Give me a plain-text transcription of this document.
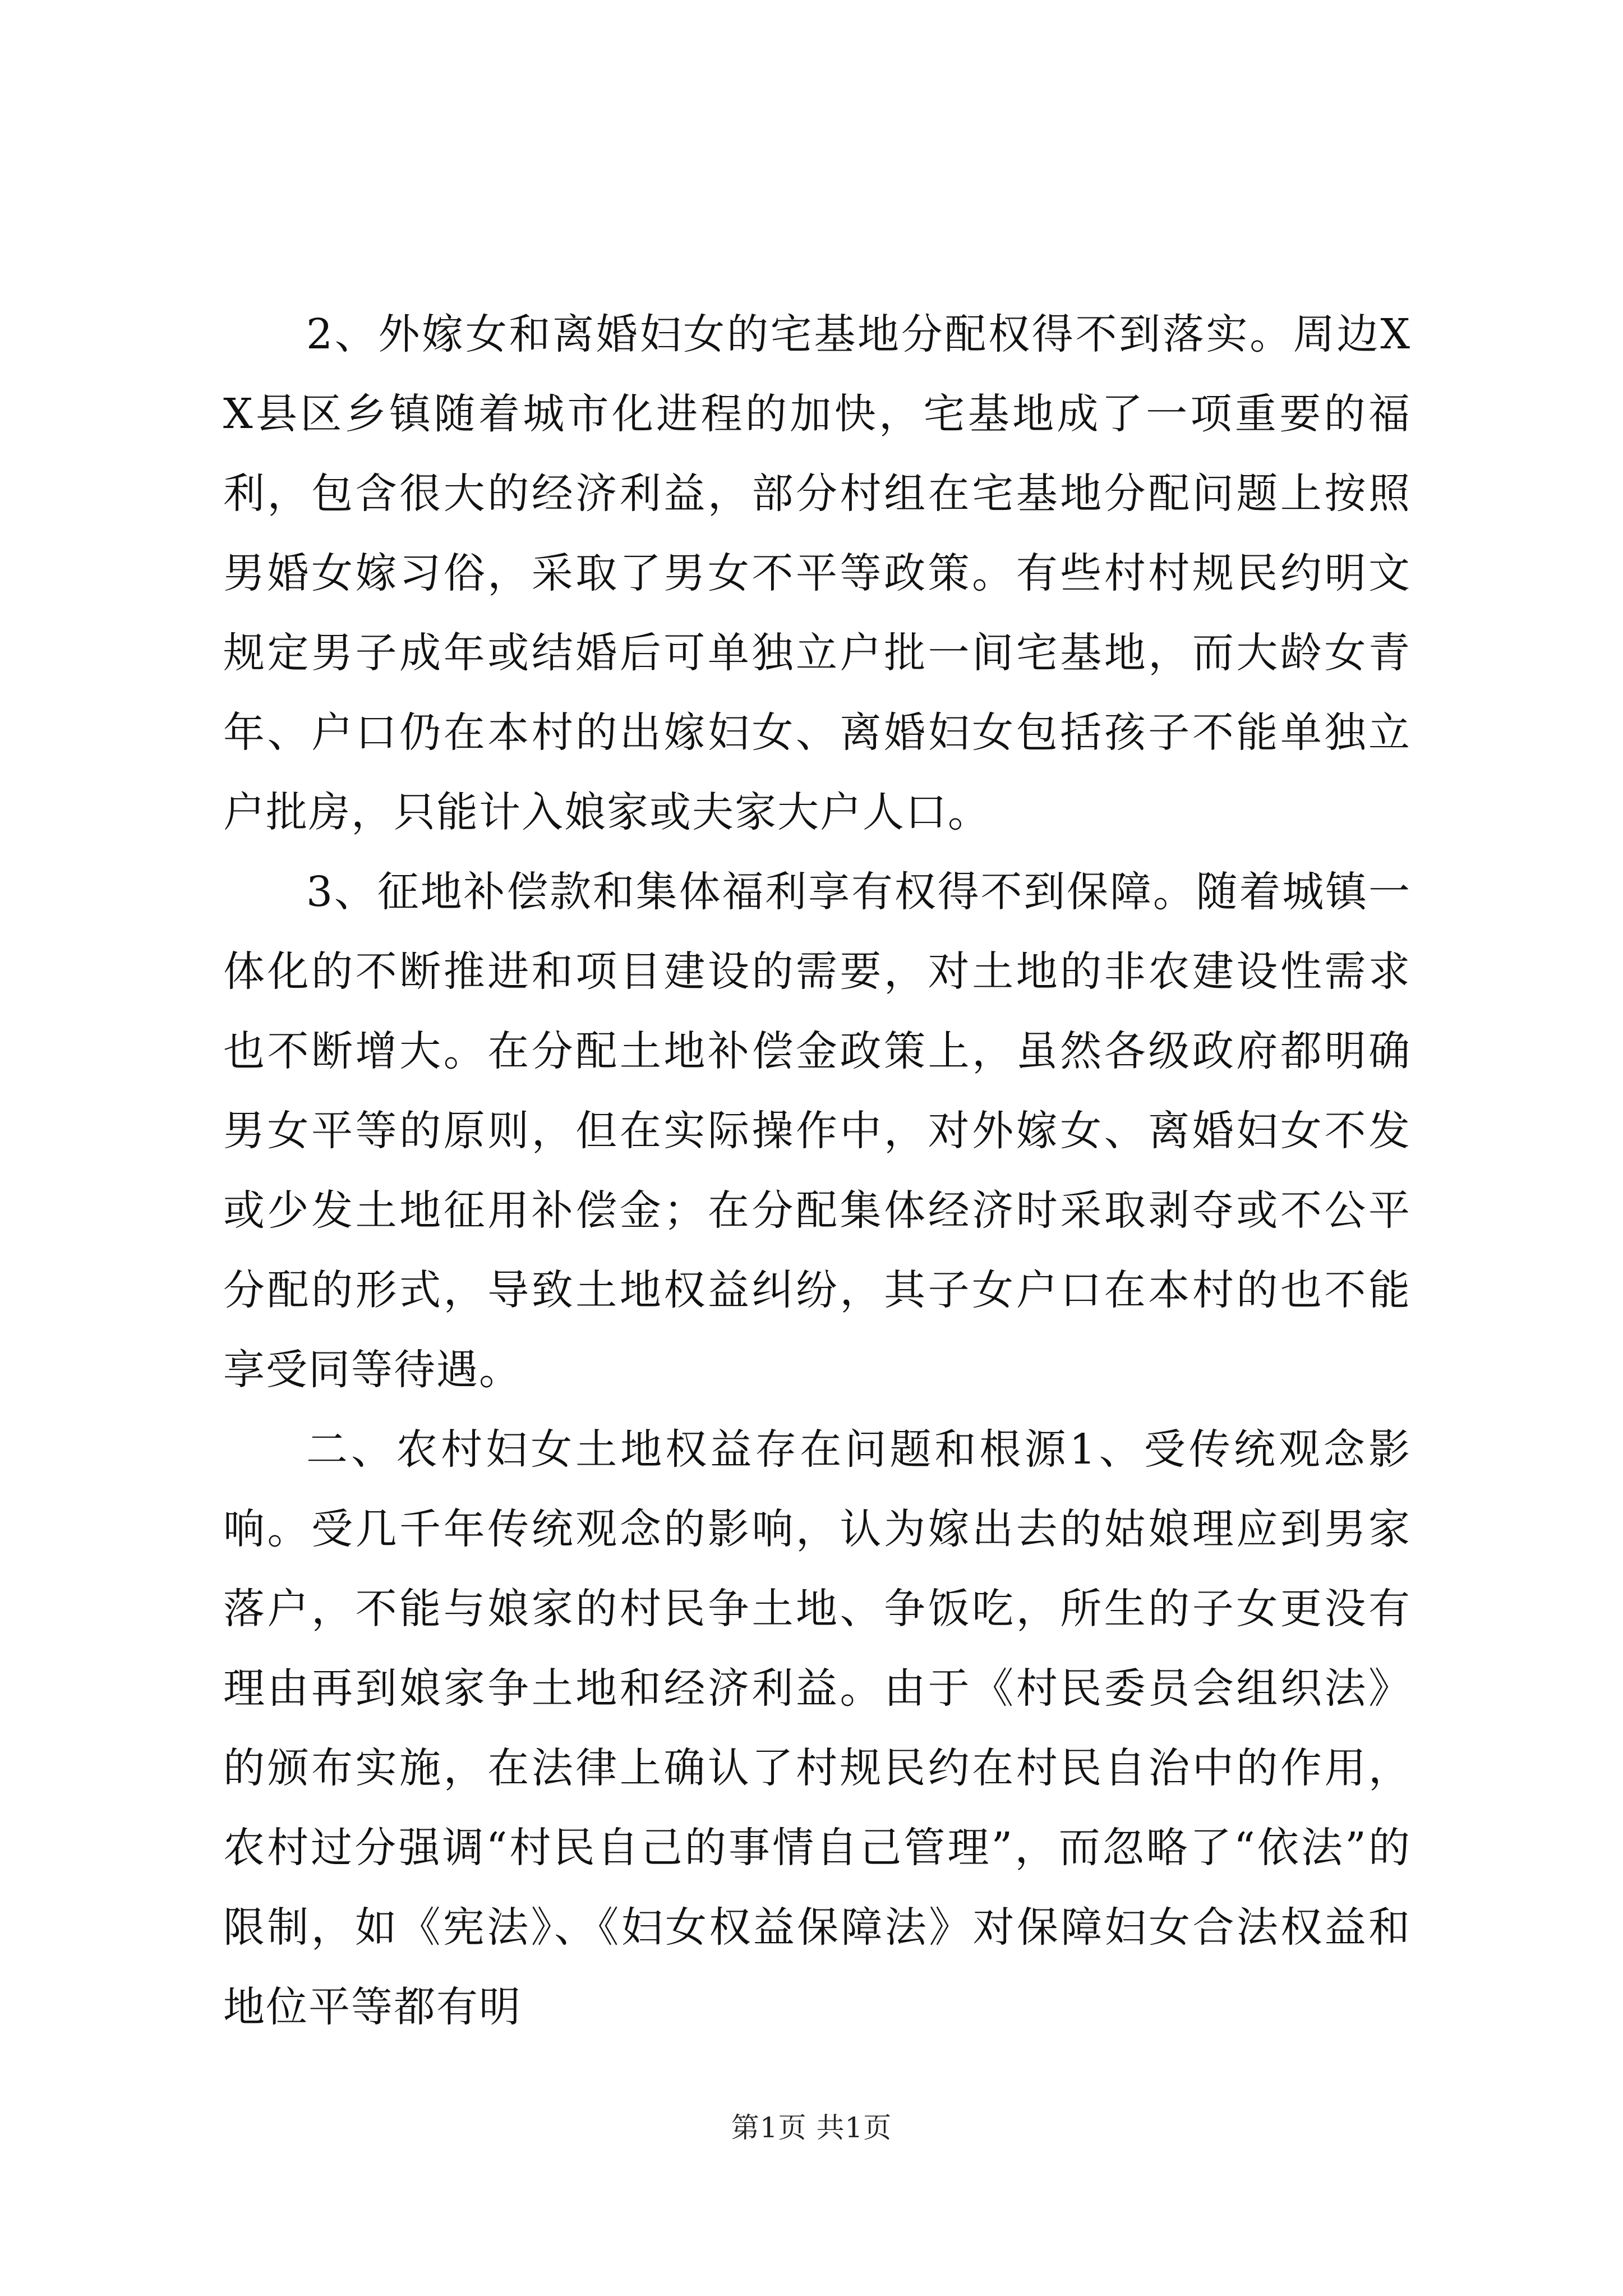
2、外嫁女和离婚妇女的宅基地分配权得不到落实。周边XX县区乡镇随着城市化进程的加快，宅基地成了一项重要的福利，包含很大的经济利益，部分村组在宅基地分配问题上按照男婚女嫁习俗，采取了男女不平等政策。有些村村规民约明文规定男子成年或结婚后可单独立户批一间宅基地，而大龄女青年、户口仍在本村的出嫁妇女、离婚妇女包括孩子不能单独立户批房，只能计入娘家或夫家大户人口。

3、征地补偿款和集体福利享有权得不到保障。随着城镇一体化的不断推进和项目建设的需要，对土地的非农建设性需求也不断增大。在分配土地补偿金政策上，虽然各级政府都明确男女平等的原则，但在实际操作中，对外嫁女、离婚妇女不发或少发土地征用补偿金；在分配集体经济时采取剥夺或不公平分配的形式，导致土地权益纠纷，其子女户口在本村的也不能享受同等待遇。

二、农村妇女土地权益存在问题和根源1、受传统观念影响。受几千年传统观念的影响，认为嫁出去的姑娘理应到男家落户，不能与娘家的村民争土地、争饭吃，所生的子女更没有理由再到娘家争土地和经济利益。由于《村民委员会组织法》的颁布实施，在法律上确认了村规民约在村民自治中的作用，农村过分强调“村民自己的事情自己管理”，而忽略了“依法”的限制，如《宪法》、《妇女权益保障法》对保障妇女合法权益和地位平等都有明

第1页 共1页
